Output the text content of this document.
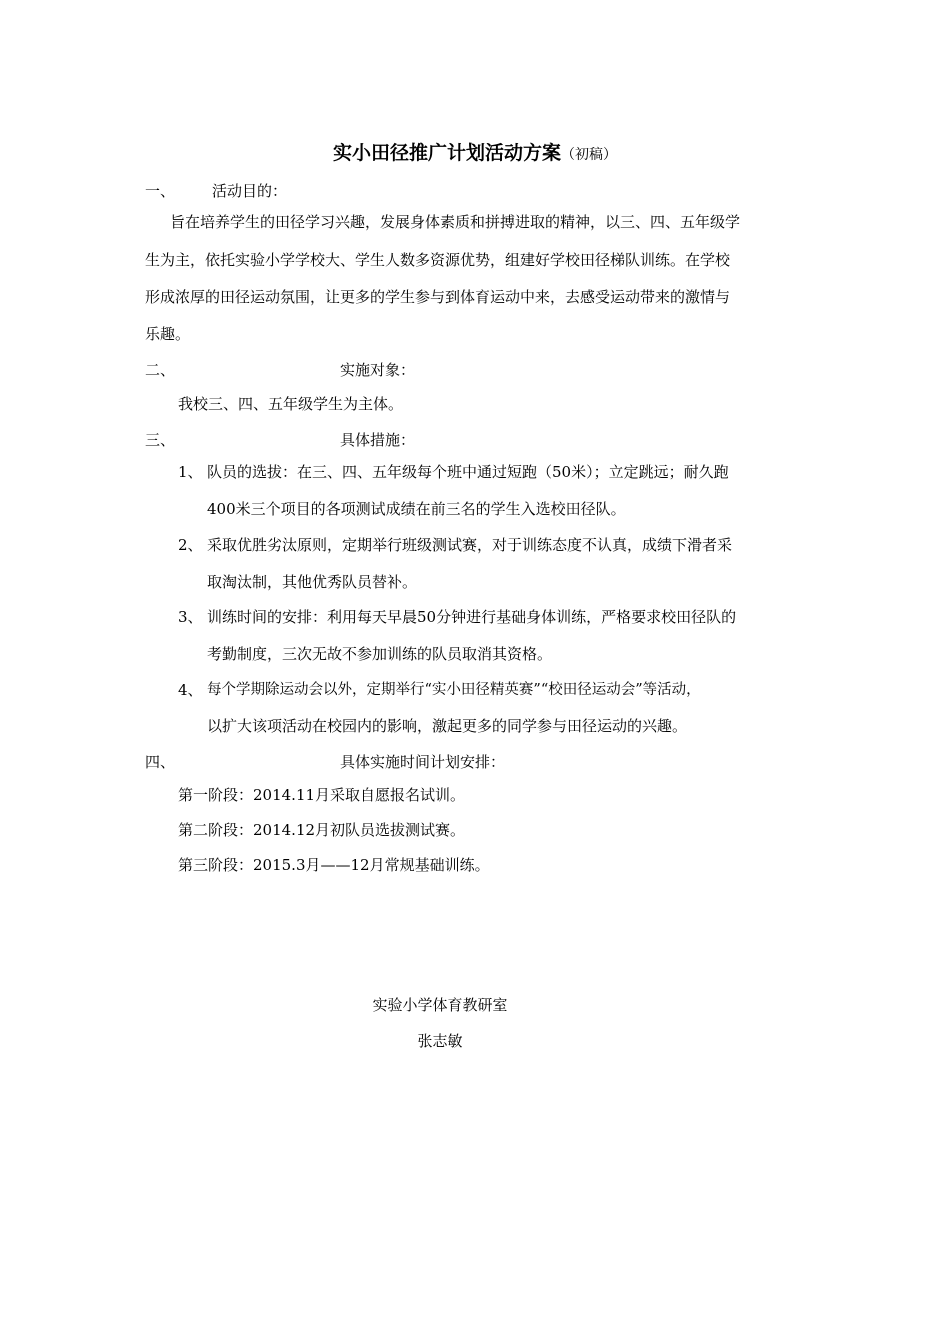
实小田径推广计划活动方案（初稿）
一、 活动目的：
旨在培养学生的田径学习兴趣，发展身体素质和拼搏进取的精神，以三、四、五年级学
生为主，依托实验小学学校大、学生人数多资源优势，组建好学校田径梯队训练。在学校
形成浓厚的田径运动氛围，让更多的学生参与到体育运动中来，去感受运动带来的激情与
乐趣。
二、	实施对象：
我校三、四、五年级学生为主体。
三、	具体措施：
1、 队员的选拔：在三、四、五年级每个班中通过短跑（50米）；立定跳远；耐久跑
400米三个项目的各项测试成绩在前三名的学生入选校田径队。
2、 采取优胜劣汰原则，定期举行班级测试赛，对于训练态度不认真，成绩下滑者采
取淘汰制，其他优秀队员替补。
3、 训练时间的安排：利用每天早晨50分钟进行基础身体训练，严格要求校田径队的
考勤制度，三次无故不参加训练的队员取消其资格。
4、 每个学期除运动会以外，定期举行“实小田径精英赛”“校田径运动会”等活动，
以扩大该项活动在校园内的影响，激起更多的同学参与田径运动的兴趣。
四、	具体实施时间计划安排：
第一阶段：2014.11月采取自愿报名试训。
第二阶段：2014.12月初队员选拔测试赛。
第三阶段：2015.3月——12月常规基础训练。
实验小学体育教研室
张志敏
